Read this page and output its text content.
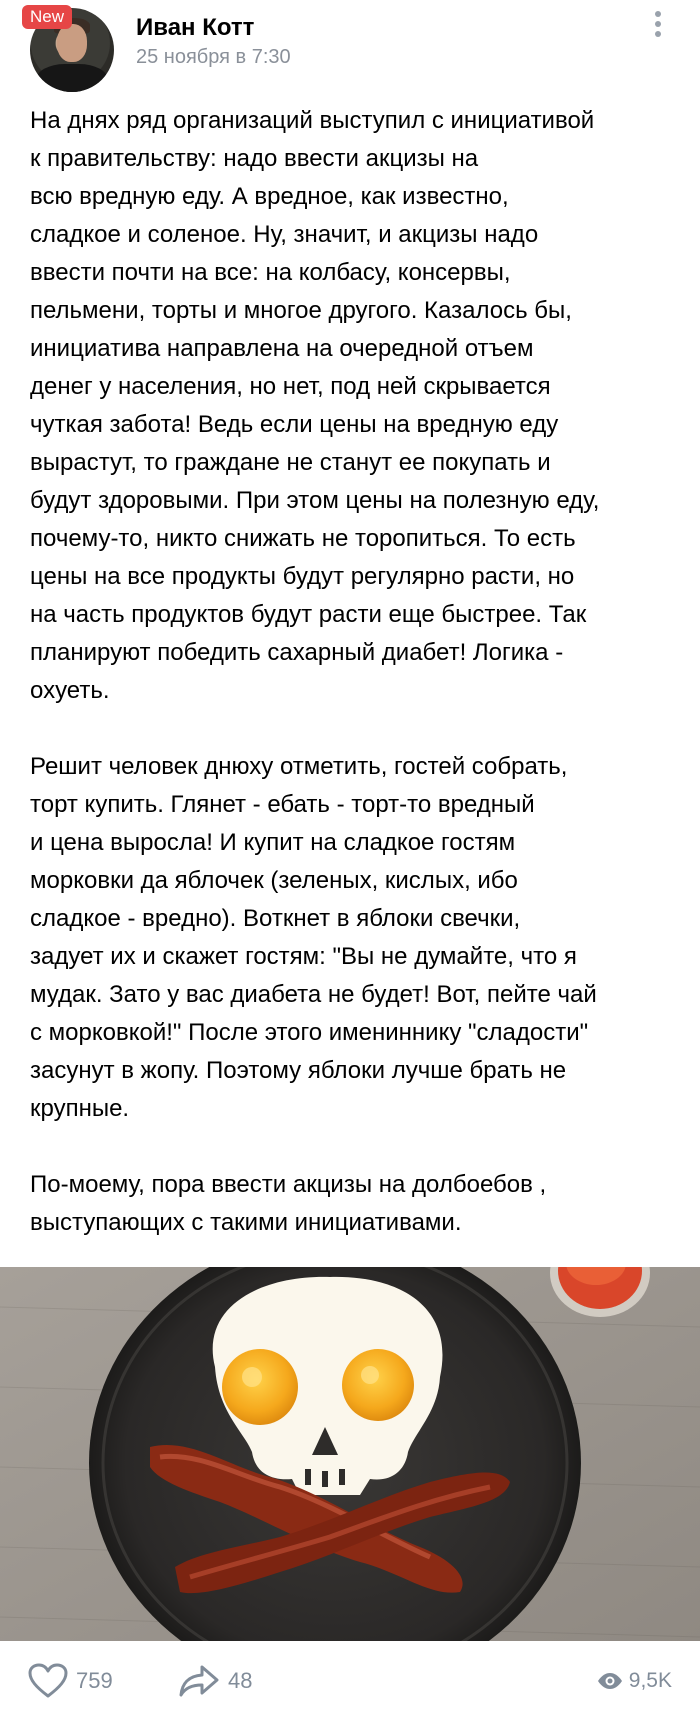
New	Иван Котт
25 ноября в 7:30

На днях ряд организаций выступил с инициативой
к правительству: надо ввести акцизы на
всю вредную еду. А вредное, как известно,
сладкое и соленое. Ну, значит, и акцизы надо
ввести почти на все: на колбасу, консервы,
пельмени, торты и многое другого. Казалось бы,
инициатива направлена на очередной отъем
денег у населения, но нет, под ней скрывается
чуткая забота! Ведь если цены на вредную еду
вырастут, то граждане не станут ее покупать и
будут здоровыми. При этом цены на полезную еду,
почему-то, никто снижать не торопиться. То есть
цены на все продукты будут регулярно расти, но
на часть продуктов будут расти еще быстрее. Так
планируют победить сахарный диабет! Логика -
охуеть.

Решит человек днюху отметить, гостей собрать,
торт купить. Глянет - ебать - торт-то вредный
и цена выросла! И купит на сладкое гостям
морковки да яблочек (зеленых, кислых, ибо
сладкое - вредно). Воткнет в яблоки свечки,
задует их и скажет гостям: "Вы не думайте, что я
мудак. Зато у вас диабета не будет! Вот, пейте чай
с морковкой!" После этого имениннику "сладости"
засунут в жопу. Поэтому яблоки лучше брать не
крупные.

По-моему, пора ввести акцизы на долбоебов ,
выступающих с такими инициативами.

759	48	9,5K
